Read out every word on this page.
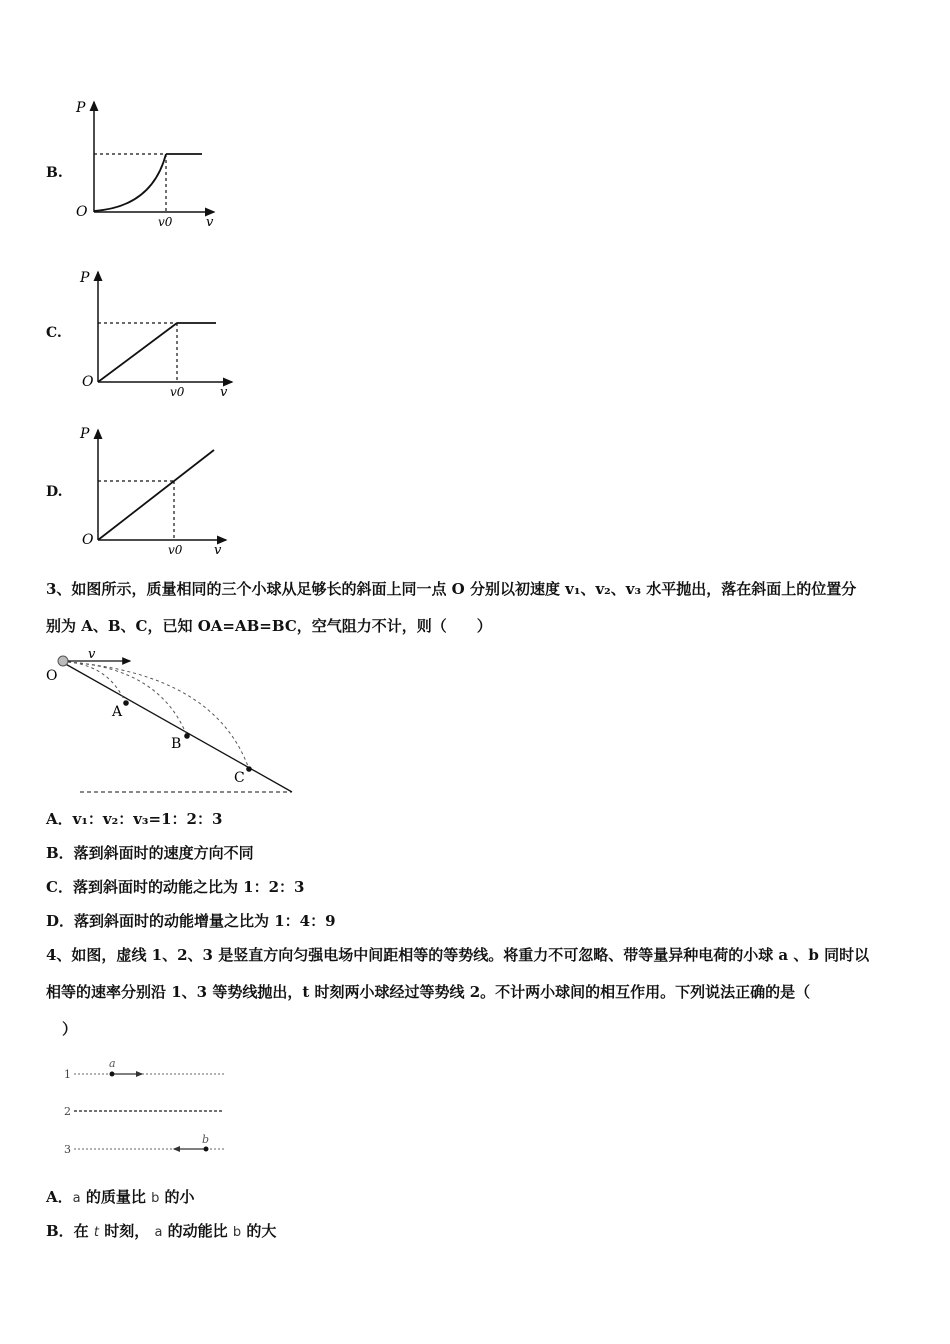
B.
P
O
v0	v
C.
P
O
v0	v
D.
P
O
v0 v
3、如图所示，质量相同的三个小球从足够长的斜面上同一点 O 分别以初速度 v₁、v₂、v₃ 水平抛出，落在斜面上的位置分
别为 A、B、C，已知 OA=AB=BC，空气阻力不计，则（　　）
v
O
A
B
C
A．v₁：v₂：v₃=1：2：3
B．落到斜面时的速度方向不同
C．落到斜面时的动能之比为 1：2：3
D．落到斜面时的动能增量之比为 1：4：9
4、如图，虚线 1、2、3 是竖直方向匀强电场中间距相等的等势线。将重力不可忽略、带等量异种电荷的小球 a 、b 同时以
相等的速率分别沿 1、3 等势线抛出，t 时刻两小球经过等势线 2。不计两小球间的相互作用。下列说法正确的是（
）
1
2
3
a
b
A．a 的质量比 b 的小
B．在 t 时刻， a 的动能比 b 的大
